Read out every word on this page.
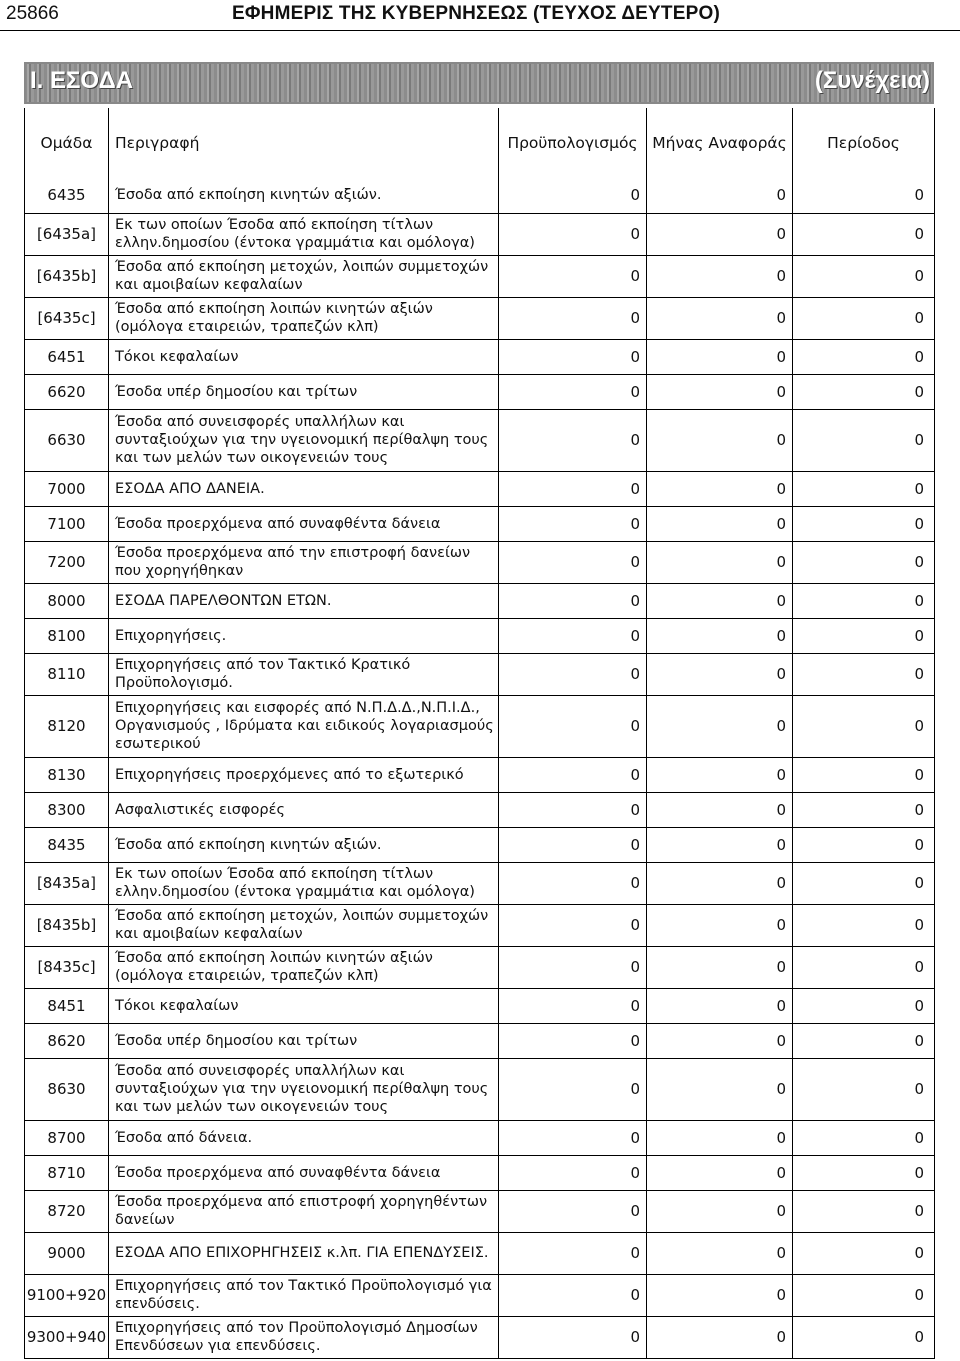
25866	ΕΦΗΜΕΡΙΣ ΤΗΣ ΚΥΒΕΡΝΗΣΕΩΣ (ΤΕΥΧΟΣ ΔΕΥΤΕΡΟ)
Ι. ΕΣΟΔΑ	(Συνέχεια)
Ομάδα	Περιγραφή	Προϋπολογισμός	Μήνας Αναφοράς	Περίοδος
6435	Έσοδα από εκποίηση κινητών αξιών.	0	0	0
[6435a]	Εκ των οποίων Έσοδα από εκποίηση τίτλων ελλην.δημοσίου (έντοκα γραμμάτια και ομόλογα)	0	0	0
[6435b]	Έσοδα από εκποίηση μετοχών, λοιπών συμμετοχών και αμοιβαίων κεφαλαίων	0	0	0
[6435c]	Έσοδα από εκποίηση λοιπών κινητών αξιών (ομόλογα εταιρειών, τραπεζών κλπ)	0	0	0
6451	Τόκοι κεφαλαίων	0	0	0
6620	Έσοδα υπέρ δημοσίου και τρίτων	0	0	0
6630	Έσοδα από συνεισφορές υπαλλήλων και συνταξιούχων για την υγειονομική περίθαλψη τους και των μελών των οικογενειών τους	0	0	0
7000	ΕΣΟΔΑ ΑΠΟ ΔΑΝΕΙΑ.	0	0	0
7100	Έσοδα προερχόμενα από συναφθέντα δάνεια	0	0	0
7200	Έσοδα προερχόμενα από την επιστροφή δανείων που χορηγήθηκαν	0	0	0
8000	ΕΣΟΔΑ ΠΑΡΕΛΘΟΝΤΩΝ ΕΤΩΝ.	0	0	0
8100	Επιχορηγήσεις.	0	0	0
8110	Επιχορηγήσεις από τον Τακτικό Κρατικό Προϋπολογισμό.	0	0	0
8120	Επιχορηγήσεις και εισφορές από Ν.Π.Δ.Δ.,Ν.Π.Ι.Δ., Οργανισμούς , Ιδρύματα και ειδικούς λογαριασμούς εσωτερικού	0	0	0
8130	Επιχορηγήσεις προερχόμενες από το εξωτερικό	0	0	0
8300	Ασφαλιστικές εισφορές	0	0	0
8435	Έσοδα από εκποίηση κινητών αξιών.	0	0	0
[8435a]	Εκ των οποίων Έσοδα από εκποίηση τίτλων ελλην.δημοσίου (έντοκα γραμμάτια και ομόλογα)	0	0	0
[8435b]	Έσοδα από εκποίηση μετοχών, λοιπών συμμετοχών και αμοιβαίων κεφαλαίων	0	0	0
[8435c]	Έσοδα από εκποίηση λοιπών κινητών αξιών (ομόλογα εταιρειών, τραπεζών κλπ)	0	0	0
8451	Τόκοι κεφαλαίων	0	0	0
8620	Έσοδα υπέρ δημοσίου και τρίτων	0	0	0
8630	Έσοδα από συνεισφορές υπαλλήλων και συνταξιούχων για την υγειονομική περίθαλψη τους και των μελών των οικογενειών τους	0	0	0
8700	Έσοδα από δάνεια.	0	0	0
8710	Έσοδα προερχόμενα από συναφθέντα δάνεια	0	0	0
8720	Έσοδα προερχόμενα από επιστροφή χορηγηθέντων δανείων	0	0	0
9000	ΕΣΟΔΑ ΑΠΟ ΕΠΙΧΟΡΗΓΗΣΕΙΣ κ.λπ. ΓΙΑ ΕΠΕΝΔΥΣΕΙΣ.	0	0	0
9100+920	Επιχορηγήσεις από τον Τακτικό Προϋπολογισμό για επενδύσεις.	0	0	0
9300+940	Επιχορηγήσεις από τον Προϋπολογισμό Δημοσίων Επενδύσεων για επενδύσεις.	0	0	0
